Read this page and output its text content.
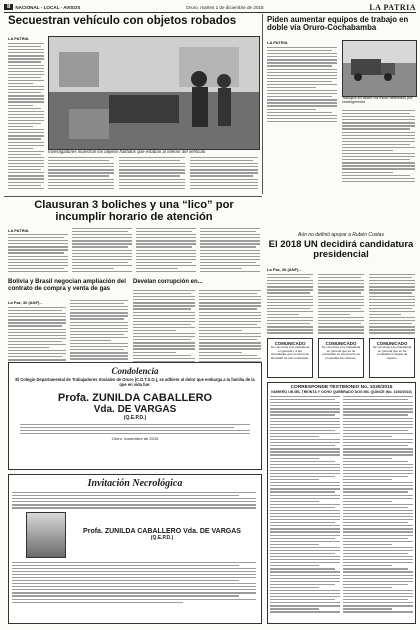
8	NACIONAL - LOCAL - AVISOS	Oruro, martes 1 de diciembre de 2015	LA PATRIA
Secuestran vehículo con objetos robados	Piden aumentar equipos de trabajo en doble vía Oruro-Cochabamba
LA PATRIA
Investigadores muestran los objetos hallados que estaban al interior del vehículo
LA PATRIA
Trabajos en doble vía están detenidos por contingencias
Clausuran 3 boliches y una “lico” por incumplir horario de atención
LA PATRIA
Bolivia y Brasil negocian ampliación del contrato de compra y venta de gas
La Paz, 30 (ANF).-
Develan corrupción en...
Aún no definió apoyar a Rubén Costas
El 2018 UN decidirá candidatura presidencial
La Paz, 30 (ANF).-
COMUNICADO
Se comunica a la ciudadanía en general y a las autoridades que el carnet de identidad ha sido extraviado.
COMUNICADO
Se comunica a la ciudadanía en general que se ha extraviado un documento de propiedad del vehículo.
COMUNICADO
Se comunica a la ciudadanía en general que se ha extraviado la tarjeta de registro.
Condolencia
El Colegio Departamental de Trabajadores Sociales de Oruro (C.D.T.S.O.), se adhiere al dolor que embarga a la familia de la que en vida fue:
Profa. ZUNILDA CABALLERO
Vda. DE VARGAS
(Q.E.P.D.)
Oruro, noviembre de 2015
Invitación Necrológica
Profa. ZUNILDA CABALLERO Vda. DE VARGAS
(Q.E.P.D.)
CORRESPONDE TESTIMONIO No. 1030/2015
NUMERO UN MIL TREINTA Y OCHO QUEBRADO DOS MIL QUINCE (No. 1030/2015)
